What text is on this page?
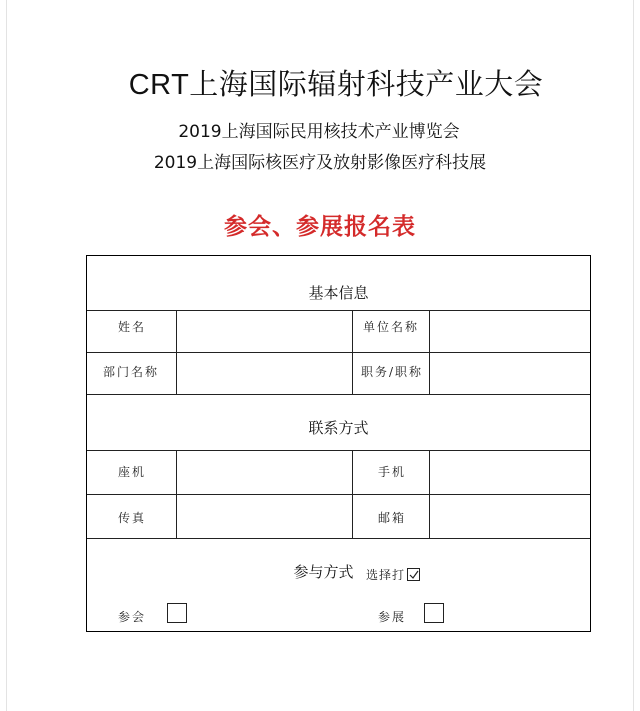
CRT上海国际辐射科技产业大会
2019上海国际民用核技术产业博览会
2019上海国际核医疗及放射影像医疗科技展
参会、参展报名表
基本信息
姓名	单位名称
部门名称	职务/职称
联系方式
座机	手机
传真	邮箱
参与方式	选择打
参会	参展
